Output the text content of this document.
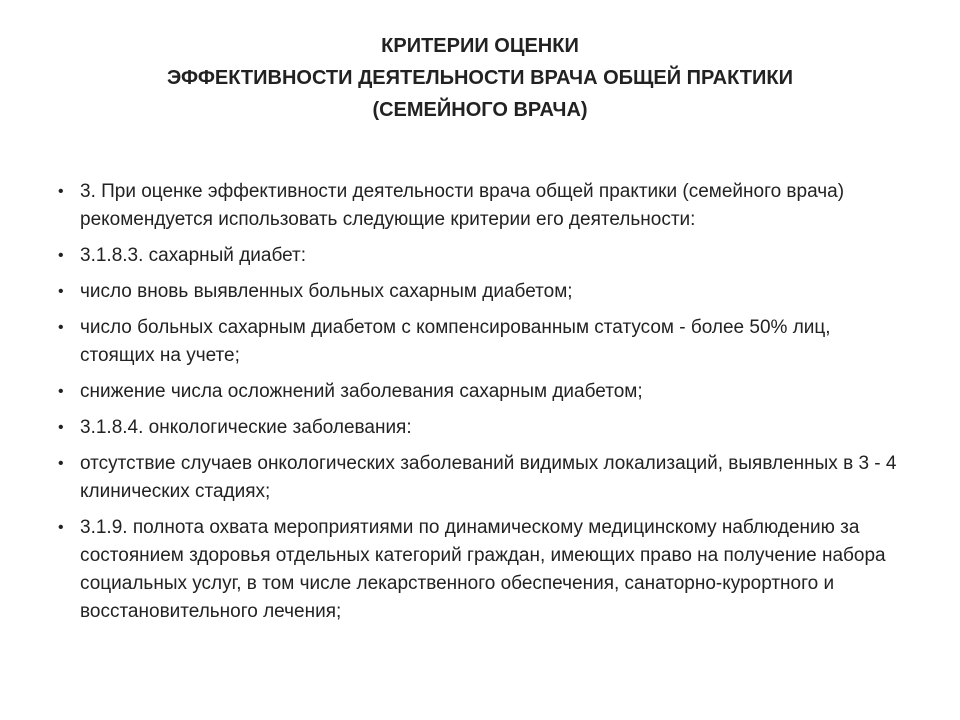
КРИТЕРИИ ОЦЕНКИ
ЭФФЕКТИВНОСТИ ДЕЯТЕЛЬНОСТИ ВРАЧА ОБЩЕЙ ПРАКТИКИ
(СЕМЕЙНОГО ВРАЧА)
• 3. При оценке эффективности деятельности врача общей практики (семейного врача) рекомендуется использовать следующие критерии его деятельности:
• 3.1.8.3. сахарный диабет:
• число вновь выявленных больных сахарным диабетом;
• число больных сахарным диабетом с компенсированным статусом - более 50% лиц, стоящих на учете;
• снижение числа осложнений заболевания сахарным диабетом;
• 3.1.8.4. онкологические заболевания:
• отсутствие случаев онкологических заболеваний видимых локализаций, выявленных в 3 - 4 клинических стадиях;
• 3.1.9. полнота охвата мероприятиями по динамическому медицинскому наблюдению за состоянием здоровья отдельных категорий граждан, имеющих право на получение набора социальных услуг, в том числе лекарственного обеспечения, санаторно-курортного и восстановительного лечения;
